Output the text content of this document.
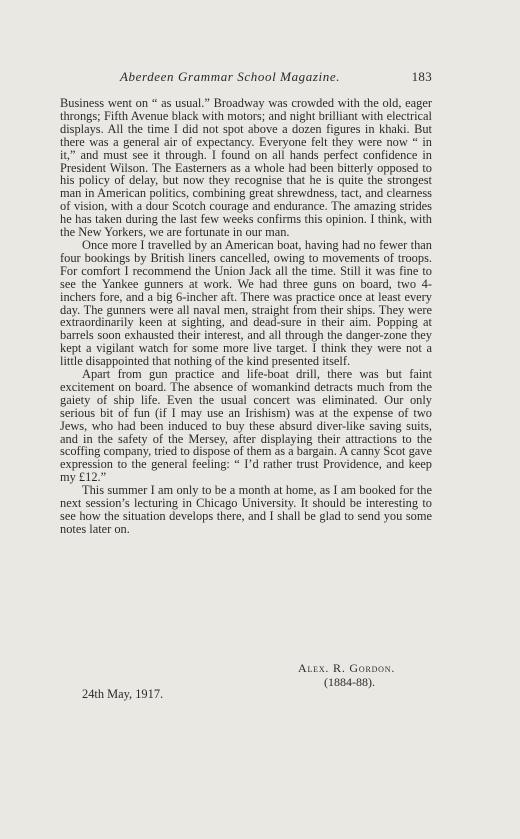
Aberdeen Grammar School Magazine.	183

Business went on “ as usual.” Broadway was crowded with the old, eager throngs; Fifth Avenue black with motors; and night brilliant with electrical displays. All the time I did not spot above a dozen figures in khaki. But there was a general air of expectancy. Everyone felt they were now “ in it,” and must see it through. I found on all hands perfect confidence in President Wilson. The Easterners as a whole had been bitterly opposed to his policy of delay, but now they recognise that he is quite the strongest man in American politics, combining great shrewdness, tact, and clearness of vision, with a dour Scotch courage and endurance. The amazing strides he has taken during the last few weeks confirms this opinion. I think, with the New Yorkers, we are fortunate in our man.

Once more I travelled by an American boat, having had no fewer than four bookings by British liners cancelled, owing to movements of troops. For comfort I recommend the Union Jack all the time. Still it was fine to see the Yankee gunners at work. We had three guns on board, two 4-inchers fore, and a big 6-incher aft. There was practice once at least every day. The gunners were all naval men, straight from their ships. They were extraordinarily keen at sighting, and dead-sure in their aim. Popping at barrels soon exhausted their interest, and all through the danger-zone they kept a vigilant watch for some more live target. I think they were not a little disappointed that nothing of the kind presented itself.

Apart from gun practice and life-boat drill, there was but faint excitement on board. The absence of womankind detracts much from the gaiety of ship life. Even the usual concert was eliminated. Our only serious bit of fun (if I may use an Irishism) was at the expense of two Jews, who had been induced to buy these absurd diver-like saving suits, and in the safety of the Mersey, after displaying their attractions to the scoffing company, tried to dispose of them as a bargain. A canny Scot gave expression to the general feeling: “ I’d rather trust Providence, and keep my £12.”

This summer I am only to be a month at home, as I am booked for the next session’s lecturing in Chicago University. It should be interesting to see how the situation develops there, and I shall be glad to send you some notes later on.

Alex. R. Gordon.
(1884-88).
24th May, 1917.
